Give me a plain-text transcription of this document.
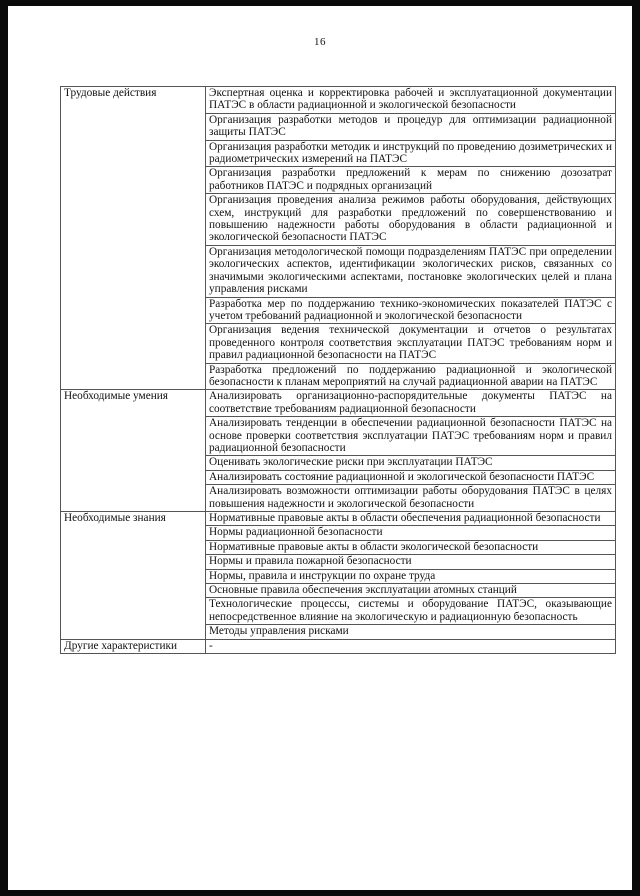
16
Трудовые действия	Экспертная оценка и корректировка рабочей и эксплуатационной документации ПАТЭС в области радиационной и экологической безопасности
	Организация разработки методов и процедур для оптимизации радиационной защиты ПАТЭС
	Организация разработки методик и инструкций по проведению дозиметрических и радиометрических измерений на ПАТЭС
	Организация разработки предложений к мерам по снижению дозозатрат работников ПАТЭС и подрядных организаций
	Организация проведения анализа режимов работы оборудования, действующих схем, инструкций для разработки предложений по совершенствованию и повышению надежности работы оборудования в области радиационной и экологической безопасности ПАТЭС
	Организация методологической помощи подразделениям ПАТЭС при определении экологических аспектов, идентификации экологических рисков, связанных со значимыми экологическими аспектами, постановке экологических целей и плана управления рисками
	Разработка мер по поддержанию технико-экономических показателей ПАТЭС с учетом требований радиационной и экологической безопасности
	Организация ведения технической документации и отчетов о результатах проведенного контроля соответствия эксплуатации ПАТЭС требованиям норм и правил радиационной безопасности на ПАТЭС
	Разработка предложений по поддержанию радиационной и экологической безопасности к планам мероприятий на случай радиационной аварии на ПАТЭС
Необходимые умения	Анализировать организационно-распорядительные документы ПАТЭС на соответствие требованиям радиационной безопасности
	Анализировать тенденции в обеспечении радиационной безопасности ПАТЭС на основе проверки соответствия эксплуатации ПАТЭС требованиям норм и правил радиационной безопасности
	Оценивать экологические риски при эксплуатации ПАТЭС
	Анализировать состояние радиационной и экологической безопасности ПАТЭС
	Анализировать возможности оптимизации работы оборудования ПАТЭС в целях повышения надежности и экологической безопасности
Необходимые знания	Нормативные правовые акты в области обеспечения радиационной безопасности
	Нормы радиационной безопасности
	Нормативные правовые акты в области экологической безопасности
	Нормы и правила пожарной безопасности
	Нормы, правила и инструкции по охране труда
	Основные правила обеспечения эксплуатации атомных станций
	Технологические процессы, системы и оборудование ПАТЭС, оказывающие непосредственное влияние на экологическую и радиационную безопасность
	Методы управления рисками
Другие характеристики	-
